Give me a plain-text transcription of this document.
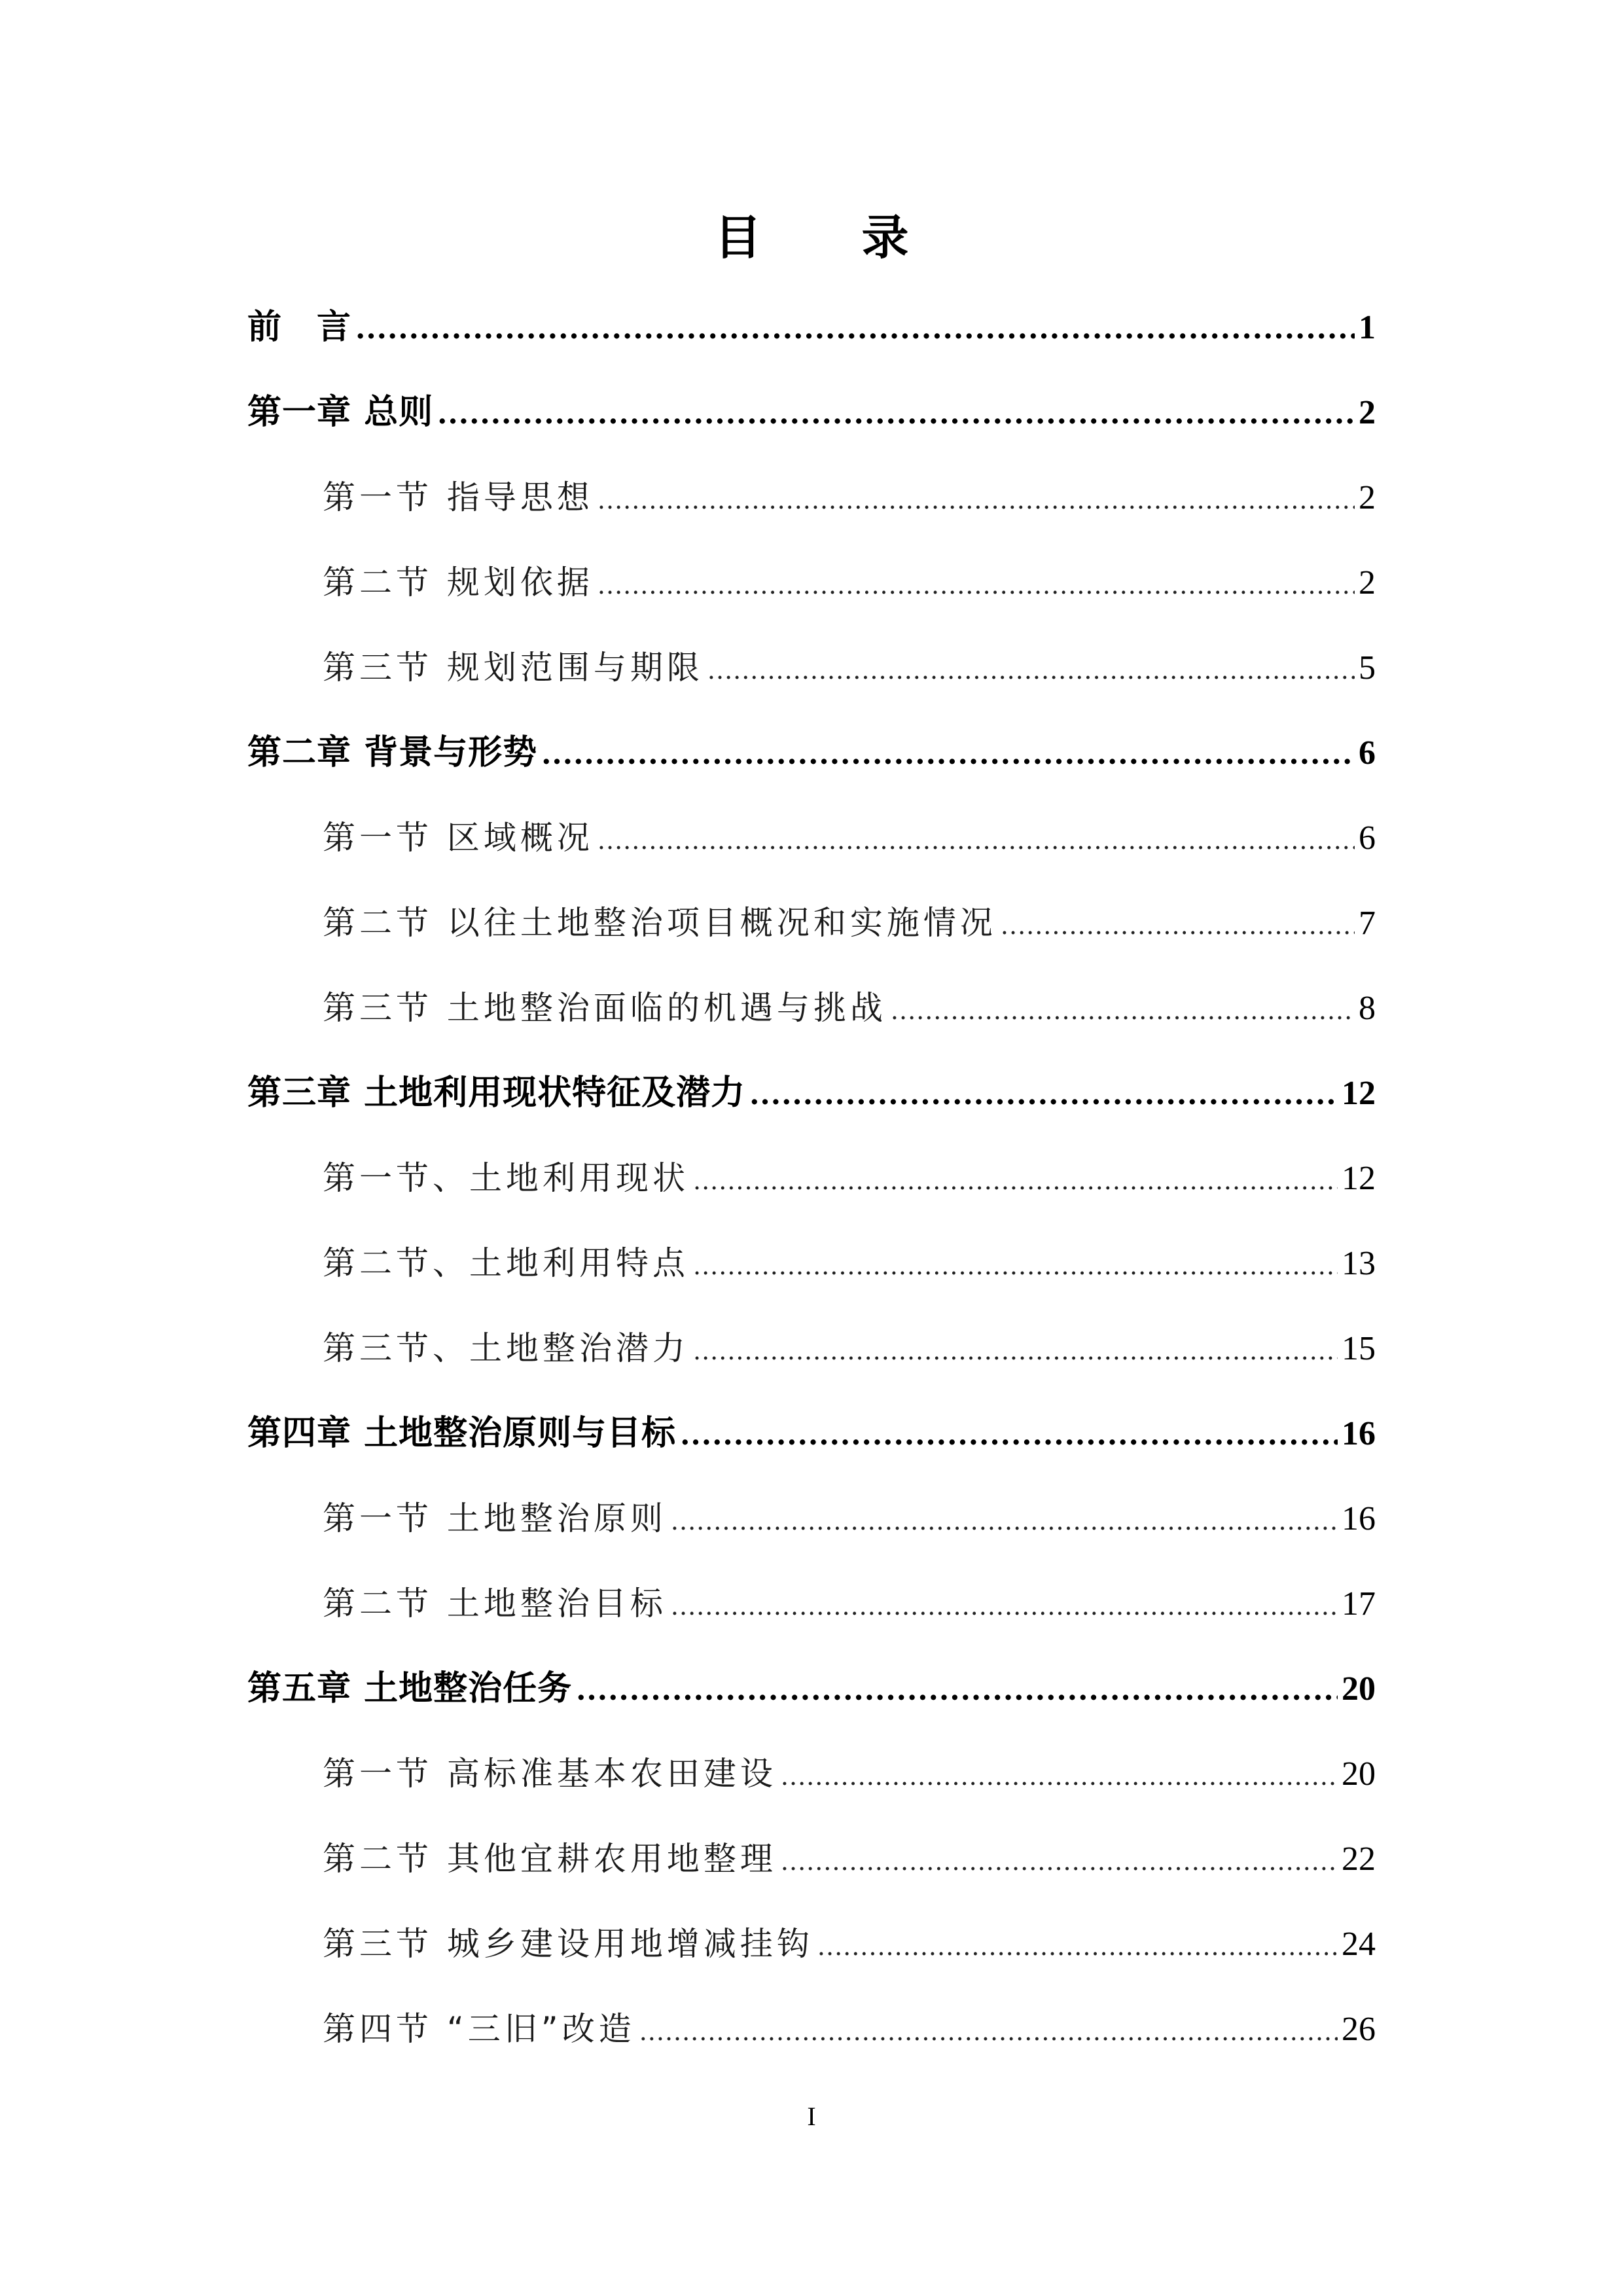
目 录
前　言 .....	1
第一章 总则 .....	2
第一节 指导思想 .....	2
第二节 规划依据 .....	2
第三节 规划范围与期限 .....	5
第二章 背景与形势 .....	6
第一节 区域概况 .....	6
第二节 以往土地整治项目概况和实施情况 .....	7
第三节 土地整治面临的机遇与挑战 .....	8
第三章 土地利用现状特征及潜力 .....	12
第一节、土地利用现状 .....	12
第二节、土地利用特点 .....	13
第三节、土地整治潜力 .....	15
第四章 土地整治原则与目标 .....	16
第一节 土地整治原则 .....	16
第二节 土地整治目标 .....	17
第五章 土地整治任务 .....	20
第一节 高标准基本农田建设 .....	20
第二节 其他宜耕农用地整理 .....	22
第三节 城乡建设用地增减挂钩 .....	24
第四节 “三旧”改造 .....	26
I
